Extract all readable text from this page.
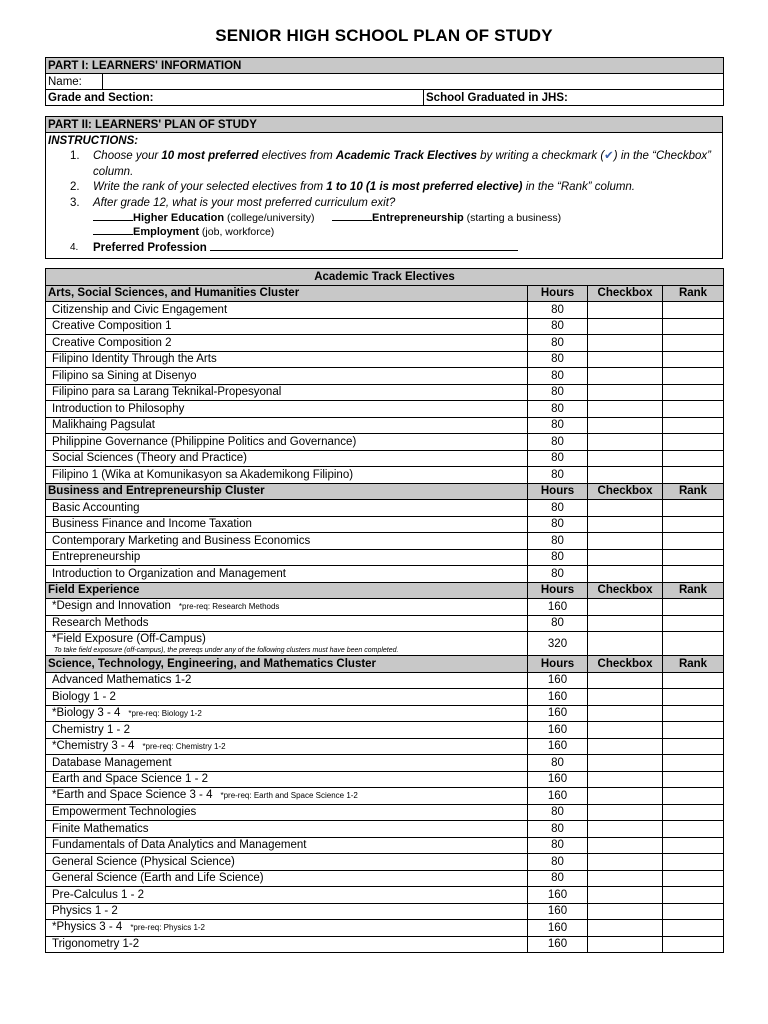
SENIOR HIGH SCHOOL PLAN OF STUDY
PART I: LEARNERS' INFORMATION		
Name:		
Grade and Section:		School Graduated in JHS:
PART II: LEARNERS' PLAN OF STUDY

INSTRUCTIONS:
1. Choose your 10 most preferred electives from Academic Track Electives by writing a checkmark (✔) in the “Checkbox” column.
2. Write the rank of your selected electives from 1 to 10 (1 is most preferred elective) in the “Rank” column.
3. After grade 12, what is your most preferred curriculum exit?
Higher Education (college/university)	Entrepreneurship (starting a business)
Employment (job, workforce)
4. Preferred Profession
Academic Track Electives			
Arts, Social Sciences, and Humanities Cluster	Hours	Checkbox	Rank
Citizenship and Civic Engagement	80		
Creative Composition 1	80		
Creative Composition 2	80		
Filipino Identity Through the Arts	80		
Filipino sa Sining at Disenyo	80		
Filipino para sa Larang Teknikal-Propesyonal	80		
Introduction to Philosophy	80		
Malikhaing Pagsulat	80		
Philippine Governance (Philippine Politics and Governance)	80		
Social Sciences (Theory and Practice)	80		
Filipino 1 (Wika at Komunikasyon sa Akademikong Filipino)	80		
Business and Entrepreneurship Cluster	Hours	Checkbox	Rank
Basic Accounting	80		
Business Finance and Income Taxation	80		
Contemporary Marketing and Business Economics	80		
Entrepreneurship	80		
Introduction to Organization and Management	80		
Field Experience	Hours	Checkbox	Rank
*Design and Innovation *pre-req: Research Methods	160		
Research Methods	80		
*Field Exposure (Off-Campus)
To take field exposure (off-campus), the prereqs under any of the following clusters must have been completed.	320		
Science, Technology, Engineering, and Mathematics Cluster	Hours	Checkbox	Rank
Advanced Mathematics 1-2	160		
Biology 1 - 2	160		
*Biology 3 - 4 *pre-req: Biology 1-2	160		
Chemistry 1 - 2	160		
*Chemistry 3 - 4 *pre-req: Chemistry 1-2	160		
Database Management	80		
Earth and Space Science 1 - 2	160		
*Earth and Space Science 3 - 4 *pre-req: Earth and Space Science 1-2	160		
Empowerment Technologies	80		
Finite Mathematics	80		
Fundamentals of Data Analytics and Management	80		
General Science (Physical Science)	80		
General Science (Earth and Life Science)	80		
Pre-Calculus 1 - 2	160		
Physics 1 - 2	160		
*Physics 3 - 4 *pre-req: Physics 1-2	160		
Trigonometry 1-2	160		
